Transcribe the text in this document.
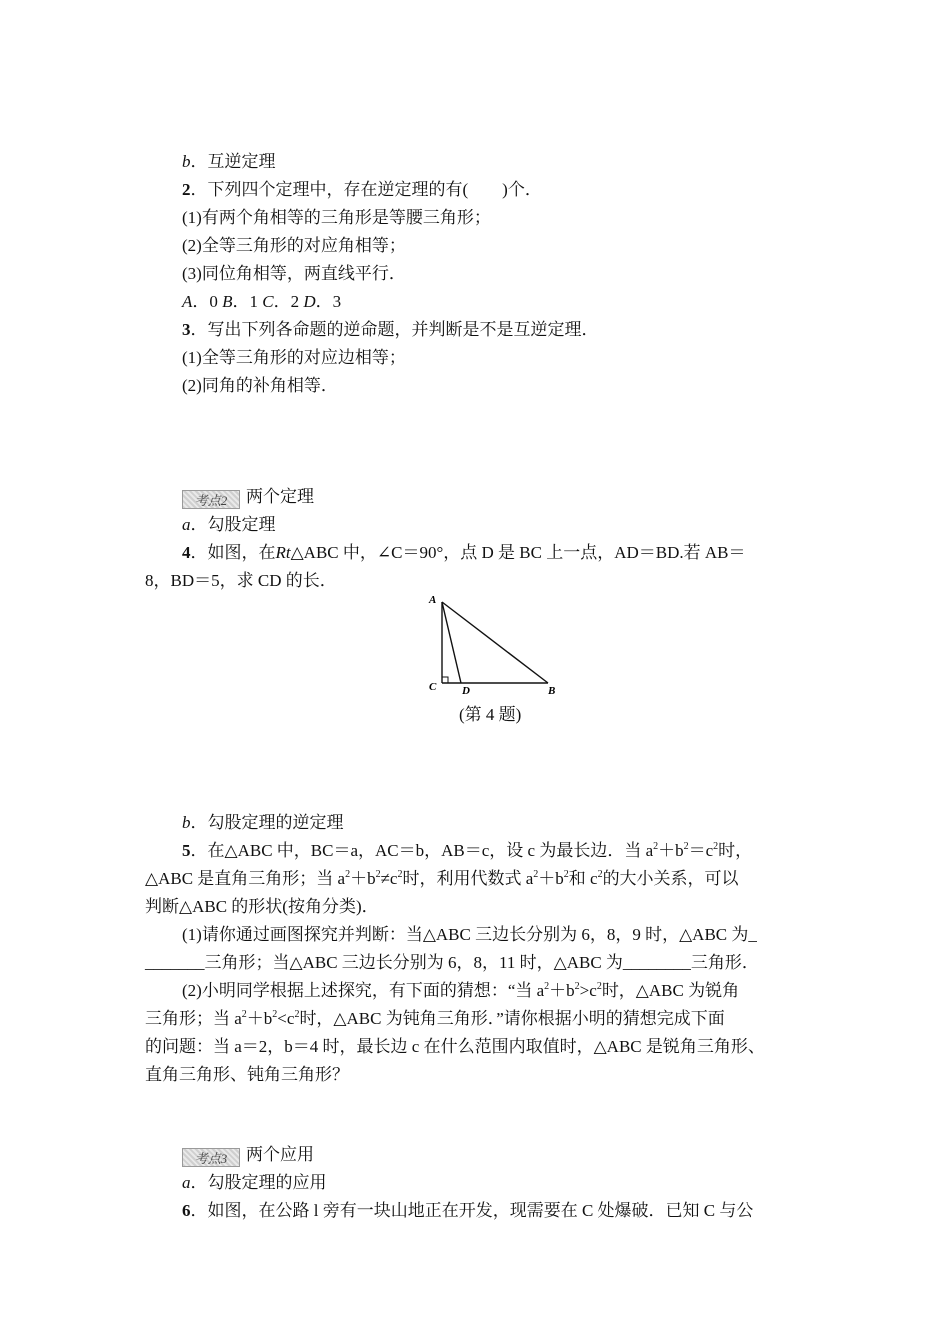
b．互逆定理
2．下列四个定理中，存在逆定理的有(　　)个．
(1)有两个角相等的三角形是等腰三角形；
(2)全等三角形的对应角相等；
(3)同位角相等，两直线平行．
A．0 B．1 C．2 D．3
3．写出下列各命题的逆命题，并判断是不是互逆定理．
(1)全等三角形的对应边相等；
(2)同角的补角相等．
考点2 两个定理
a．勾股定理
4．如图，在Rt△ABC 中，∠C＝90°，点 D 是 BC 上一点，AD＝BD.若 AB＝
8，BD＝5，求 CD 的长．
A
C D	B
(第 4 题)
b．勾股定理的逆定理
5．在△ABC 中，BC＝a，AC＝b，AB＝c，设 c 为最长边．当 $a^2+b^2=c^2$时，
△ABC 是直角三角形；当 $a^2+b^2\ne c^2$时，利用代数式 $a^2+b^2$和 $c^2$的大小关系，可以
判断△ABC 的形状(按角分类)．
(1)请你通过画图探究并判断：当△ABC 三边长分别为 6，8，9 时，△ABC 为_
_______三角形；当△ABC 三边长分别为 6，8，11 时，△ABC 为________三角形．
(2)小明同学根据上述探究，有下面的猜想：“当 $a^2+b^2>c^2$时，△ABC 为锐角
三角形；当 $a^2+b^2<c^2$时，△ABC 为钝角三角形．”请你根据小明的猜想完成下面
的问题：当 a＝2，b＝4 时，最长边 c 在什么范围内取值时，△ABC 是锐角三角形、
直角三角形、钝角三角形？
考点3 两个应用
a．勾股定理的应用
6．如图，在公路 l 旁有一块山地正在开发，现需要在 C 处爆破．已知 C 与公
